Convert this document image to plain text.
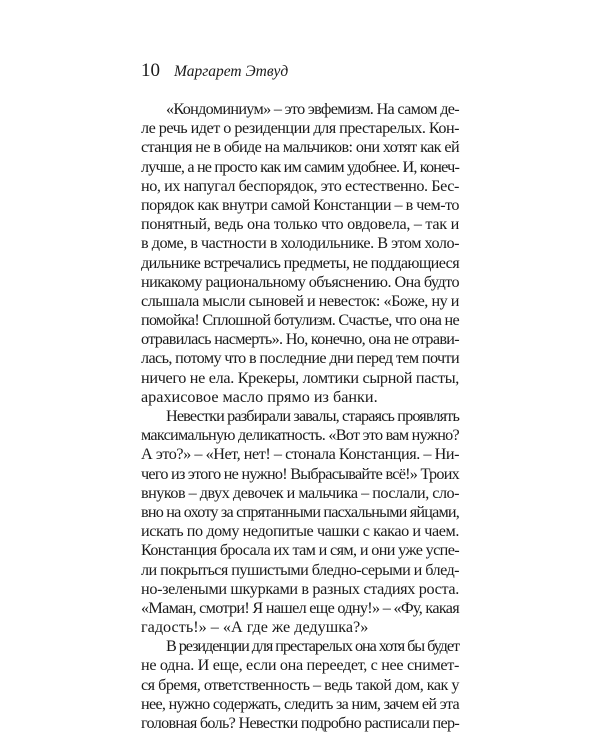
10 Маргарет Этвуд
«Кондоминиум» – это эвфемизм. На самом де-
ле речь идет о резиденции для престарелых. Кон-
станция не в обиде на мальчиков: они хотят как ей
лучше, а не просто как им самим удобнее. И, конеч-
но, их напугал беспорядок, это естественно. Бес-
порядок как внутри самой Констанции – в чем-то
понятный, ведь она только что овдовела, – так и
в доме, в частности в холодильнике. В этом холо-
дильнике встречались предметы, не поддающиеся
никакому рациональному объяснению. Она будто
слышала мысли сыновей и невесток: «Боже, ну и
помойка! Сплошной ботулизм. Счастье, что она не
отравилась насмерть». Но, конечно, она не отрави-
лась, потому что в последние дни перед тем почти
ничего не ела. Крекеры, ломтики сырной пасты,
арахисовое масло прямо из банки.
Невестки разбирали завалы, стараясь проявлять
максимальную деликатность. «Вот это вам нужно?
А это?» – «Нет, нет! – стонала Констанция. – Ни-
чего из этого не нужно! Выбрасывайте всё!» Троих
внуков – двух девочек и мальчика – послали, сло-
вно на охоту за спрятанными пасхальными яйцами,
искать по дому недопитые чашки с какао и чаем.
Констанция бросала их там и сям, и они уже успе-
ли покрыться пушистыми бледно-серыми и блед-
но-зелеными шкурками в разных стадиях роста.
«Маман, смотри! Я нашел еще одну!» – «Фу, какая
гадость!» – «А где же дедушка?»
В резиденции для престарелых она хотя бы будет
не одна. И еще, если она переедет, с нее снимет-
ся бремя, ответственность – ведь такой дом, как у
нее, нужно содержать, следить за ним, зачем ей эта
головная боль? Невестки подробно расписали пер-
